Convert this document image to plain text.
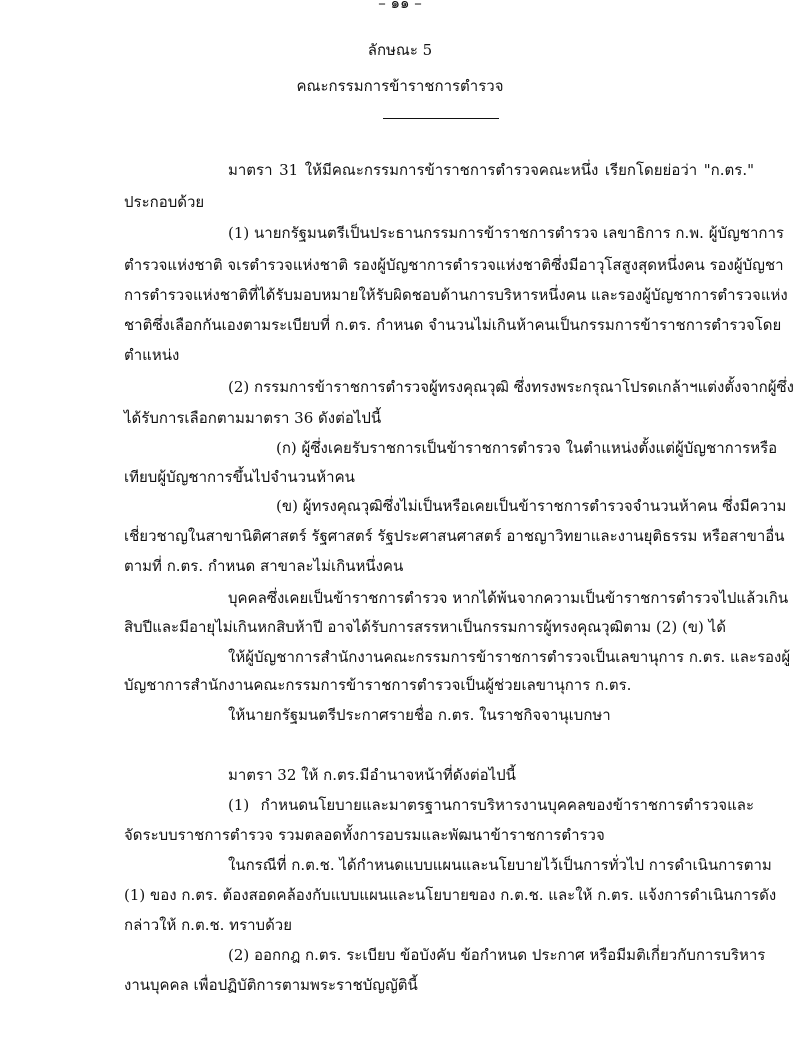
– ๑๑ –
ลักษณะ 5
คณะกรรมการข้าราชการตำรวจ
มาตรา 31 ให้มีคณะกรรมการข้าราชการตำรวจคณะหนึ่ง เรียกโดยย่อว่า "ก.ตร."
ประกอบด้วย
(1) นายกรัฐมนตรีเป็นประธานกรรมการข้าราชการตำรวจ เลขาธิการ ก.พ. ผู้บัญชาการ
ตำรวจแห่งชาติ จเรตำรวจแห่งชาติ รองผู้บัญชาการตำรวจแห่งชาติซึ่งมีอาวุโสสูงสุดหนึ่งคน รองผู้บัญชา
การตำรวจแห่งชาติที่ได้รับมอบหมายให้รับผิดชอบด้านการบริหารหนึ่งคน และรองผู้บัญชาการตำรวจแห่ง
ชาติซึ่งเลือกกันเองตามระเบียบที่ ก.ตร. กำหนด จำนวนไม่เกินห้าคนเป็นกรรมการข้าราชการตำรวจโดย
ตำแหน่ง
(2) กรรมการข้าราชการตำรวจผู้ทรงคุณวุฒิ ซึ่งทรงพระกรุณาโปรดเกล้าฯแต่งตั้งจากผู้ซึ่ง
ได้รับการเลือกตามมาตรา 36 ดังต่อไปนี้
(ก) ผู้ซึ่งเคยรับราชการเป็นข้าราชการตำรวจ ในตำแหน่งตั้งแต่ผู้บัญชาการหรือ
เทียบผู้บัญชาการขึ้นไปจำนวนห้าคน
(ข) ผู้ทรงคุณวุฒิซึ่งไม่เป็นหรือเคยเป็นข้าราชการตำรวจจำนวนห้าคน ซึ่งมีความ
เชี่ยวชาญในสาขานิติศาสตร์ รัฐศาสตร์ รัฐประศาสนศาสตร์ อาชญาวิทยาและงานยุติธรรม หรือสาขาอื่น
ตามที่ ก.ตร. กำหนด สาขาละไม่เกินหนึ่งคน
บุคคลซึ่งเคยเป็นข้าราชการตำรวจ หากได้พ้นจากความเป็นข้าราชการตำรวจไปแล้วเกิน
สิบปีและมีอายุไม่เกินหกสิบห้าปี อาจได้รับการสรรหาเป็นกรรมการผู้ทรงคุณวุฒิตาม (2) (ข) ได้
ให้ผู้บัญชาการสำนักงานคณะกรรมการข้าราชการตำรวจเป็นเลขานุการ ก.ตร. และรองผู้
บัญชาการสำนักงานคณะกรรมการข้าราชการตำรวจเป็นผู้ช่วยเลขานุการ ก.ตร.
ให้นายกรัฐมนตรีประกาศรายชื่อ ก.ตร. ในราชกิจจานุเบกษา
มาตรา 32 ให้ ก.ตร.มีอำนาจหน้าที่ดังต่อไปนี้
(1) กำหนดนโยบายและมาตรฐานการบริหารงานบุคคลของข้าราชการตำรวจและ
จัดระบบราชการตำรวจ รวมตลอดทั้งการอบรมและพัฒนาข้าราชการตำรวจ
ในกรณีที่ ก.ต.ช. ได้กำหนดแบบแผนและนโยบายไว้เป็นการทั่วไป การดำเนินการตาม
(1) ของ ก.ตร. ต้องสอดคล้องกับแบบแผนและนโยบายของ ก.ต.ช. และให้ ก.ตร. แจ้งการดำเนินการดัง
กล่าวให้ ก.ต.ช. ทราบด้วย
(2) ออกกฎ ก.ตร. ระเบียบ ข้อบังคับ ข้อกำหนด ประกาศ หรือมีมติเกี่ยวกับการบริหาร
งานบุคคล เพื่อปฏิบัติการตามพระราชบัญญัตินี้
